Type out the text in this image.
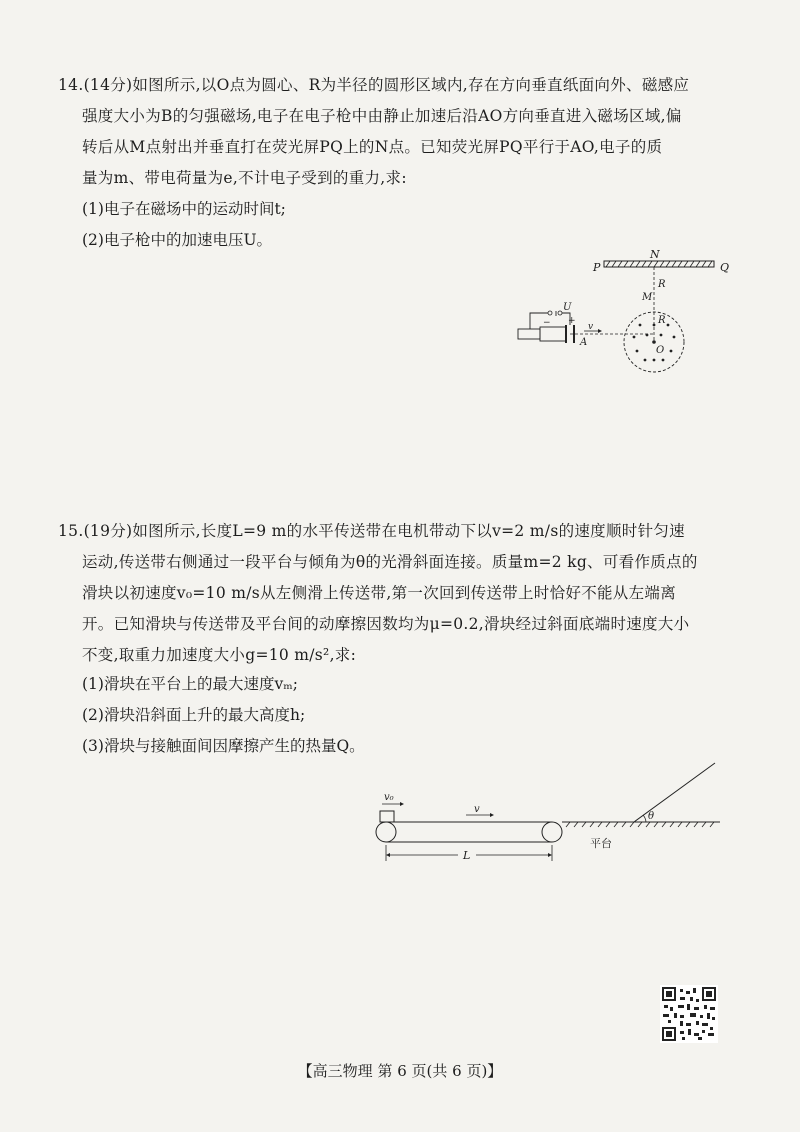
14.(14分)如图所示,以O点为圆心、R为半径的圆形区域内,存在方向垂直纸面向外、磁感应

强度大小为B的匀强磁场,电子在电子枪中由静止加速后沿AO方向垂直进入磁场区域,偏

转后从M点射出并垂直打在荧光屏PQ上的N点。已知荧光屏PQ平行于AO,电子的质

量为m、带电荷量为e,不计电子受到的重力,求:

(1)电子在磁场中的运动时间t;
(2)电子枪中的加速电压U。
P
N
Q
R
M
R
O
U
− +
v
A

15.(19分)如图所示,长度L=9 m的水平传送带在电机带动下以v=2 m/s的速度顺时针匀速

运动,传送带右侧通过一段平台与倾角为θ的光滑斜面连接。质量m=2 kg、可看作质点的

滑块以初速度v₀=10 m/s从左侧滑上传送带,第一次回到传送带上时恰好不能从左端离

开。已知滑块与传送带及平台间的动摩擦因数均为μ=0.2,滑块经过斜面底端时速度大小

不变,取重力加速度大小g=10 m/s²,求:

(1)滑块在平台上的最大速度vₘ;
(2)滑块沿斜面上升的最大高度h;
(3)滑块与接触面间因摩擦产生的热量Q。
v₀
v
L
平台
θ
【高三物理 第 6 页(共 6 页)】
